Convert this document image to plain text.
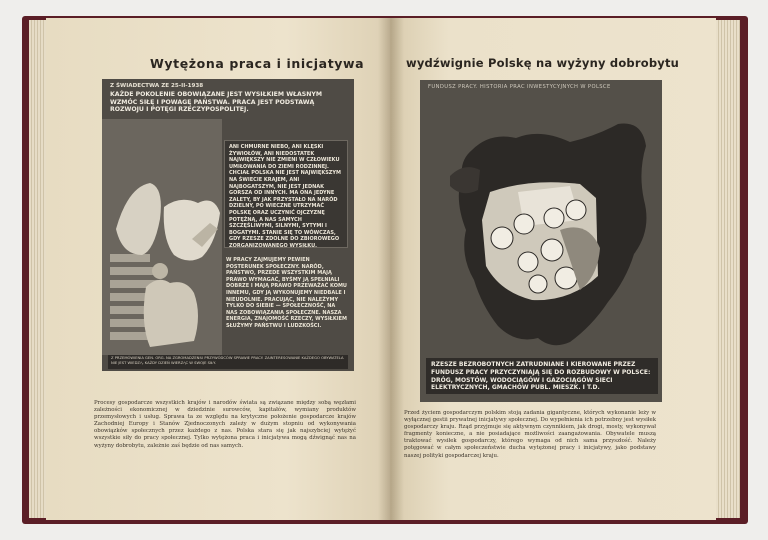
Wytężona praca i inicjatywa	wydźwignie Polskę na wyżyny dobrobytu
Z ŚWIADECTWA ZE 25-II-1938
KAŻDE POKOLENIE OBOWIĄZANE JEST WYSIŁKIEM WŁASNYM WZMÓC SIŁĘ I POWAGĘ PAŃSTWA. PRACA JEST PODSTAWĄ ROZWOJU I POTĘGI RZECZYPOSPOLITEJ.
ANI CHMURNE NIEBO, ANI KLĘSKI ŻYWIOŁÓW, ANI NIEDOSTATEK NAJWIĘKSZY NIE ZMIENI W CZŁOWIEKU UMIŁOWANIA DO ZIEMI RODZINNEJ. CHCIAŁ POLSKA NIE JEST NAJWIĘKSZYM NA ŚWIECIE KRAJEM, ANI NAJBOGATSZYM, NIE JEST JEDNAK GORSZA OD INNYCH. MA ONA JEDYNE ZALETY, BY JAK PRZYSTAŁO NA NARÓD DZIELNY, PO WIECZNE UTRZYMAĆ POLSKĘ ORAZ UCZYNIĆ OJCZYZNĘ POTĘŻNĄ, A NAS SAMYCH SZCZĘŚLIWYMI, SILNYMI, SYTYMI I BOGATYMI. STANIE SIĘ TO WÓWCZAS, GDY RZESZE ZDOLNE DO ZBIOROWEGO ZORGANIZOWANEGO WYSIŁKU.
W PRACY ZAJMUJEMY PEWIEN POSTERUNEK SPOŁECZNY. NARÓD, PAŃSTWO, PRZEDE WSZYSTKIM MAJĄ PRAWO WYMAGAĆ, BYŚMY JĄ SPEŁNIALI DOBRZE I MAJĄ PRAWO PRZEWAŻAĆ KOMU INNEMU, GDY JĄ WYKONUJEMY NIEDBALE I NIEUDOLNIE. PRACUJĄC, NIE NALEŻYMY TYLKO DO SIEBIE — SPOŁECZNOŚĆ, NA NAS ZOBOWIĄZANIA SPOŁECZNE. NASZA ENERGIA, ZNAJOMOŚĆ RZECZY, WYSIŁKIEM SŁUŻYMY PAŃSTWU I LUDZKOŚCI.
Z PRZEMÓWIENIA GEN. ORG. NA ZGROMADZENIU PRZYWÓDCÓW SPRAWIE PRACY. ZAINTERESOWANIE KAŻDEGO OBYWATELA NIE JEST WIEDZĄ. KAŻDY DZIEŃ WIERZĄC W SWOJE SIŁY.
FUNDUSZ PRACY. HISTORIA PRAC INWESTYCYJNYCH W POLSCE
RZESZE BEZROBOTNYCH ZATRUDNIANE I KIEROWANE PRZEZ FUNDUSZ PRACY PRZYCZYNIAJĄ SIĘ DO ROZBUDOWY W POLSCE: DRÓG, MOSTÓW, WODOCIĄGÓW I GAZOCIĄGÓW SIECI ELEKTRYCZNYCH, GMACHÓW PUBL. MIESZK. I T.D.
Procesy gospodarcze wszystkich krajów i narodów świata są związane między sobą węzłami zależności ekonomicznej w dziedzinie surowców, kapitałów, wymiany produktów przemysłowych i usług. Sprawa ta ze względu na krytyczne położenie gospodarcze krajów Zachodniej Europy i Stanów Zjednoczonych zależy w dużym stopniu od wykonywania obowiązków społecznych przez każdego z nas. Polska stara się jak najszybciej wytężyć wszystkie siły do pracy społecznej. Tylko wytężona praca i inicjatywa mogą dźwignąć nas na wyżyny dobrobytu, zależnie zaś będzie od nas samych.
Przed życiem gospodarczym polskim stoją zadania gigantyczne, których wykonanie leży w wyłącznej gestii prywatnej inicjatywy społecznej. Do wypełnienia ich potrzebny jest wysiłek gospodarczy kraju. Rząd przyjmuje się aktywnym czynnikiem, jak drogi, mosty, wykonywał fragmenty konieczne, a nie posiadające możliwości zaangażowania. Obywatele muszą traktować wysiłek gospodarczy, którego wymaga od nich sama przyszłość. Należy potęgować w całym społeczeństwie ducha wytężonej pracy i inicjatywy, jako podstawy naszej polityki gospodarczej kraju.
